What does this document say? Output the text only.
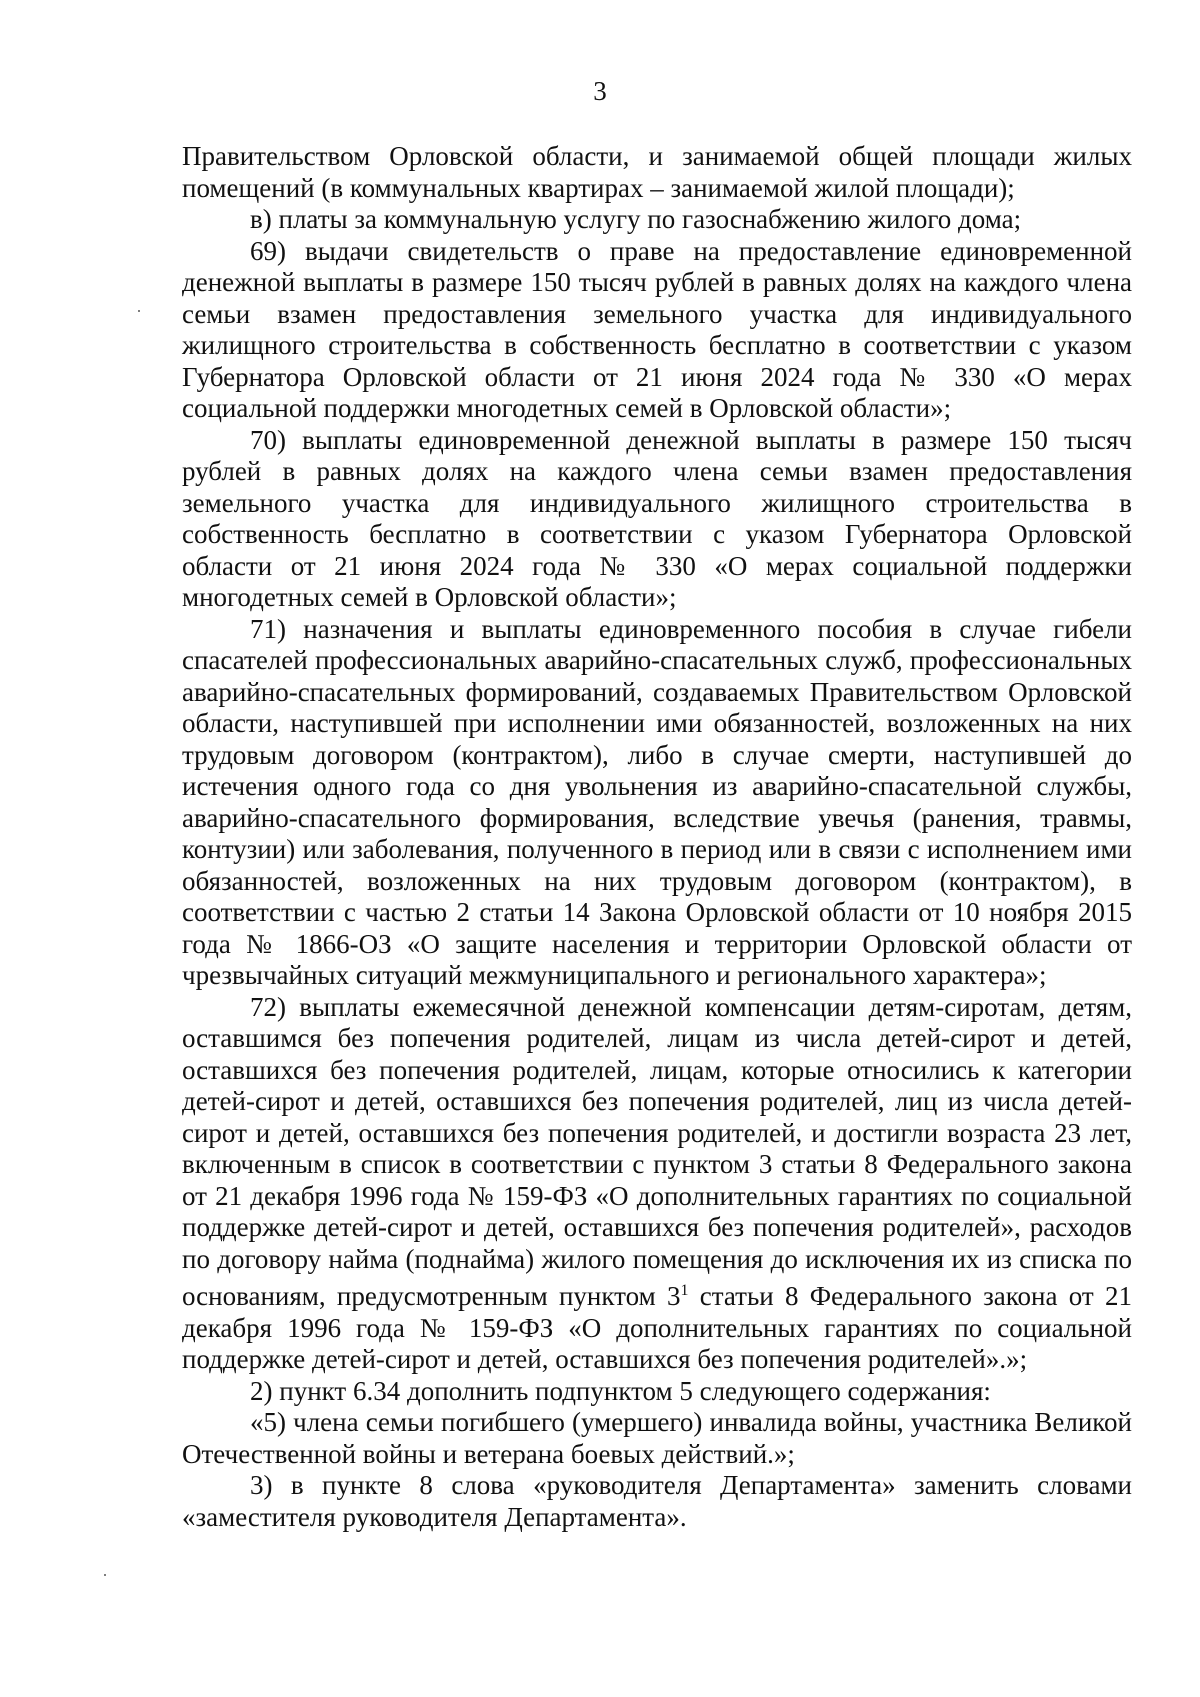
3

Правительством Орловской области, и занимаемой общей площади жилых помещений (в коммунальных квартирах – занимаемой жилой площади);

в) платы за коммунальную услугу по газоснабжению жилого дома;

69) выдачи свидетельств о праве на предоставление единовременной денежной выплаты в размере 150 тысяч рублей в равных долях на каждого члена семьи взамен предоставления земельного участка для индивидуального жилищного строительства в собственность бесплатно в соответствии с указом Губернатора Орловской области от 21 июня 2024 года № 330 «О мерах социальной поддержки многодетных семей в Орловской области»;

70) выплаты единовременной денежной выплаты в размере 150 тысяч рублей в равных долях на каждого члена семьи взамен предоставления земельного участка для индивидуального жилищного строительства в собственность бесплатно в соответствии с указом Губернатора Орловской области от 21 июня 2024 года № 330 «О мерах социальной поддержки многодетных семей в Орловской области»;

71) назначения и выплаты единовременного пособия в случае гибели спасателей профессиональных аварийно-спасательных служб, профессиональных аварийно-спасательных формирований, создаваемых Правительством Орловской области, наступившей при исполнении ими обязанностей, возложенных на них трудовым договором (контрактом), либо в случае смерти, наступившей до истечения одного года со дня увольнения из аварийно-спасательной службы, аварийно-спасательного формирования, вследствие увечья (ранения, травмы, контузии) или заболевания, полученного в период или в связи с исполнением ими обязанностей, возложенных на них трудовым договором (контрактом), в соответствии с частью 2 статьи 14 Закона Орловской области от 10 ноября 2015 года № 1866-ОЗ «О защите населения и территории Орловской области от чрезвычайных ситуаций межмуниципального и регионального характера»;

72) выплаты ежемесячной денежной компенсации детям-сиротам, детям, оставшимся без попечения родителей, лицам из числа детей-сирот и детей, оставшихся без попечения родителей, лицам, которые относились к категории детей-сирот и детей, оставшихся без попечения родителей, лиц из числа детей-сирот и детей, оставшихся без попечения родителей, и достигли возраста 23 лет, включенным в список в соответствии с пунктом 3 статьи 8 Федерального закона от 21 декабря 1996 года № 159-ФЗ «О дополнительных гарантиях по социальной поддержке детей-сирот и детей, оставшихся без попечения родителей», расходов по договору найма (поднайма) жилого помещения до исключения их из списка по основаниям, предусмотренным пунктом $3^1$ статьи 8 Федерального закона от 21 декабря 1996 года № 159-ФЗ «О дополнительных гарантиях по социальной поддержке детей-сирот и детей, оставшихся без попечения родителей».»;

2) пункт 6.34 дополнить подпунктом 5 следующего содержания:

«5) члена семьи погибшего (умершего) инвалида войны, участника Великой Отечественной войны и ветерана боевых действий.»;

3) в пункте 8 слова «руководителя Департамента» заменить словами «заместителя руководителя Департамента».
